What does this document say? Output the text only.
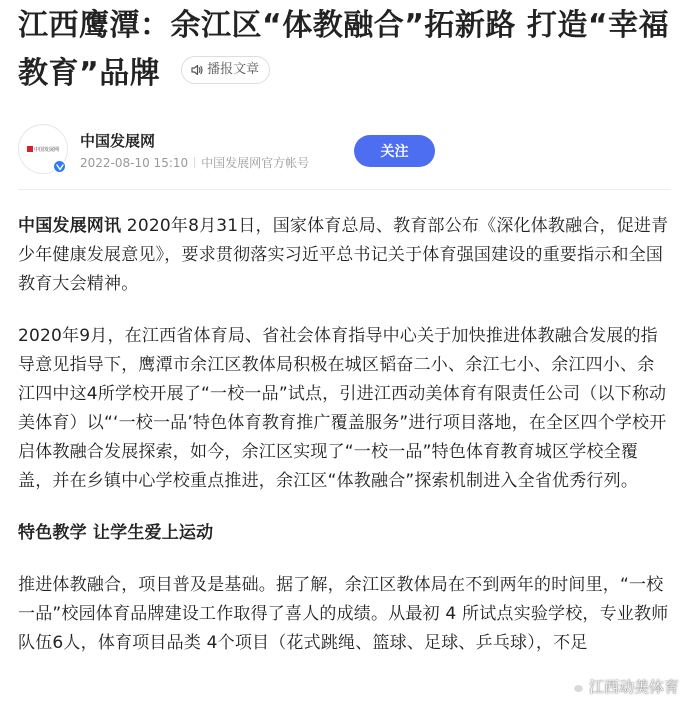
江西鹰潭：余江区“体教融合”拓新路 打造“幸福教育”品牌	播报文章
中国发展网 中国发展网
2022-08-10 15:10 中国发展网官方帐号
关注

中国发展网讯 2020年8月31日，国家体育总局、教育部公布《深化体教融合，促进青少年健康发展意见》，要求贯彻落实习近平总书记关于体育强国建设的重要指示和全国教育大会精神。

2020年9月，在江西省体育局、省社会体育指导中心关于加快推进体教融合发展的指导意见指导下，鹰潭市余江区教体局积极在城区韬奋二小、余江七小、余江四小、余江四中这4所学校开展了“一校一品”试点，引进江西动美体育有限责任公司（以下称动美体育）以“‘一校一品’特色体育教育推广覆盖服务”进行项目落地，在全区四个学校开启体教融合发展探索，如今，余江区实现了“一校一品”特色体育教育城区学校全覆盖，并在乡镇中心学校重点推进，余江区“体教融合”探索机制进入全省优秀行列。

特色教学 让学生爱上运动

推进体教融合，项目普及是基础。据了解，余江区教体局在不到两年的时间里，“一校一品”校园体育品牌建设工作取得了喜人的成绩。从最初 4 所试点实验学校，专业教师队伍6人，体育项目品类 4个项目（花式跳绳、篮球、足球、乒乓球），不足

江西动美体育
